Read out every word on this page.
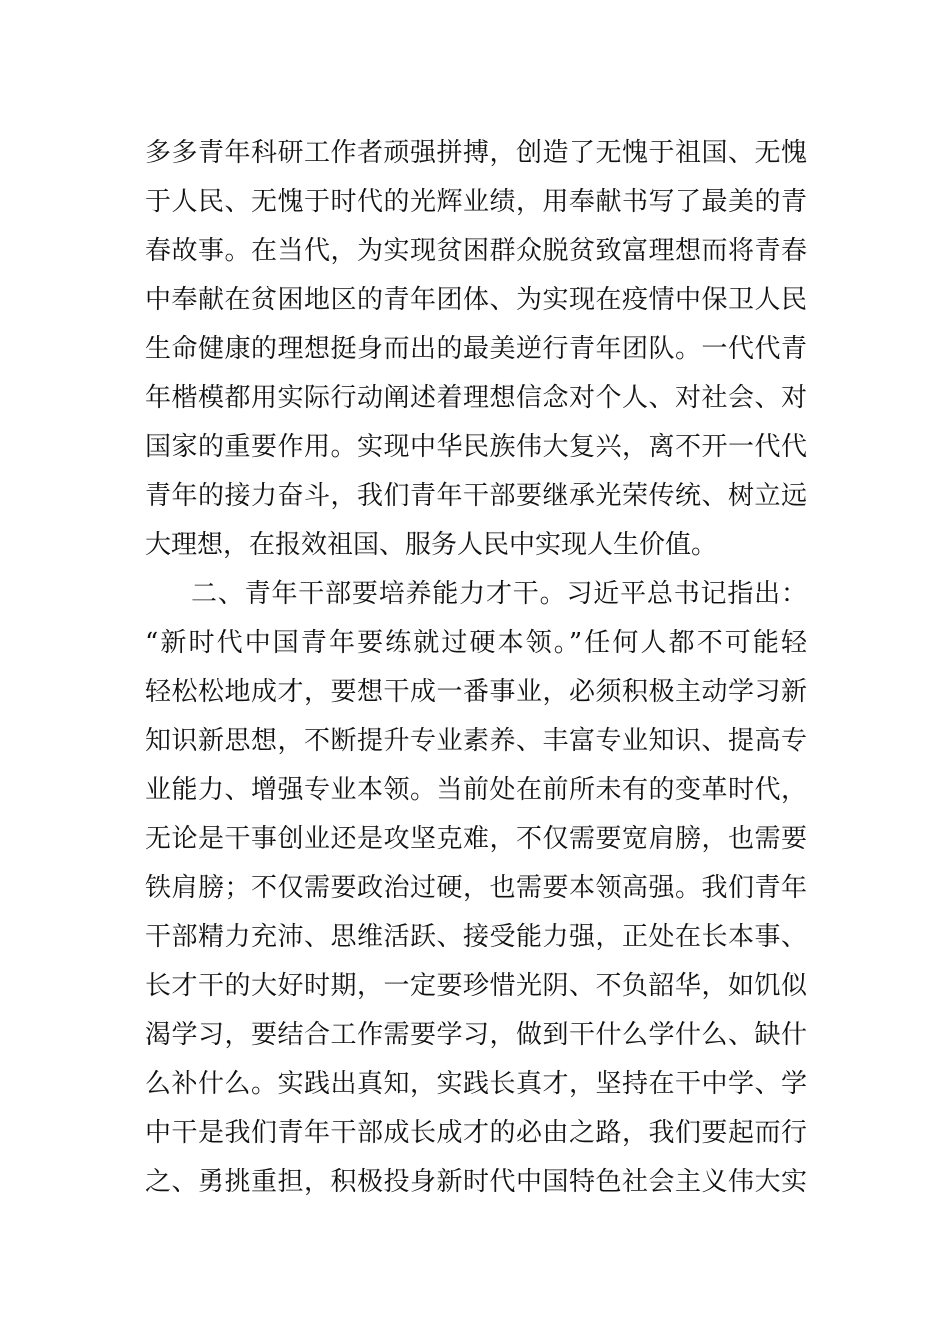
多多青年科研工作者顽强拼搏，创造了无愧于祖国、无愧
于人民、无愧于时代的光辉业绩，用奉献书写了最美的青
春故事。在当代，为实现贫困群众脱贫致富理想而将青春
中奉献在贫困地区的青年团体、为实现在疫情中保卫人民
生命健康的理想挺身而出的最美逆行青年团队。一代代青
年楷模都用实际行动阐述着理想信念对个人、对社会、对
国家的重要作用。实现中华民族伟大复兴，离不开一代代
青年的接力奋斗，我们青年干部要继承光荣传统、树立远
大理想，在报效祖国、服务人民中实现人生价值。
二、青年干部要培养能力才干。习近平总书记指出：
“新时代中国青年要练就过硬本领。”任何人都不可能轻
轻松松地成才，要想干成一番事业，必须积极主动学习新
知识新思想，不断提升专业素养、丰富专业知识、提高专
业能力、增强专业本领。当前处在前所未有的变革时代，
无论是干事创业还是攻坚克难，不仅需要宽肩膀，也需要
铁肩膀；不仅需要政治过硬，也需要本领高强。我们青年
干部精力充沛、思维活跃、接受能力强，正处在长本事、
长才干的大好时期，一定要珍惜光阴、不负韶华，如饥似
渴学习，要结合工作需要学习，做到干什么学什么、缺什
么补什么。实践出真知，实践长真才，坚持在干中学、学
中干是我们青年干部成长成才的必由之路，我们要起而行
之、勇挑重担，积极投身新时代中国特色社会主义伟大实
